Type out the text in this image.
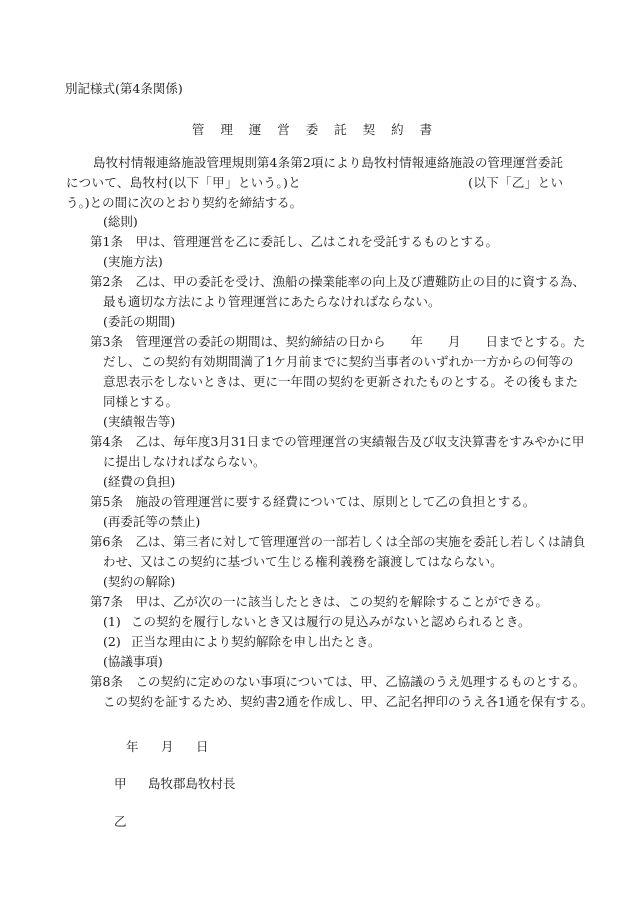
別記様式(第4条関係)
管 理 運 営 委 託 契 約 書
島牧村情報連絡施設管理規則第4条第2項により島牧村情報連絡施設の管理運営委託について、島牧村(以下「甲」という。)と　　　　　　　　　　　　　(以下「乙」という。)との間に次のとおり契約を締結する。
(総則)
第1条　甲は、管理運営を乙に委託し、乙はこれを受託するものとする。
(実施方法)
第2条　乙は、甲の委託を受け、漁船の操業能率の向上及び遭難防止の目的に資する為、
最も適切な方法により管理運営にあたらなければならない。
(委託の期間)
第3条　管理運営の委託の期間は、契約締結の日から　　年　　月　　日までとする。た
だし、この契約有効期間満了1ケ月前までに契約当事者のいずれか一方からの何等の
意思表示をしないときは、更に一年間の契約を更新されたものとする。その後もまた
同様とする。
(実績報告等)
第4条　乙は、毎年度3月31日までの管理運営の実績報告及び収支決算書をすみやかに甲
に提出しなければならない。
(経費の負担)
第5条　施設の管理運営に要する経費については、原則として乙の負担とする。
(再委託等の禁止)
第6条　乙は、第三者に対して管理運営の一部若しくは全部の実施を委託し若しくは請負
わせ、又はこの契約に基づいて生じる権利義務を譲渡してはならない。
(契約の解除)
第7条　甲は、乙が次の一に該当したときは、この契約を解除することができる。
(1) この契約を履行しないとき又は履行の見込みがないと認められるとき。
(2) 正当な理由により契約解除を申し出たとき。
(協議事項)
第8条　この契約に定めのない事項については、甲、乙協議のうえ処理するものとする。
この契約を証するため、契約書2通を作成し、甲、乙記名押印のうえ各1通を保有する。
年 月 日
甲 島牧郡島牧村長
乙
